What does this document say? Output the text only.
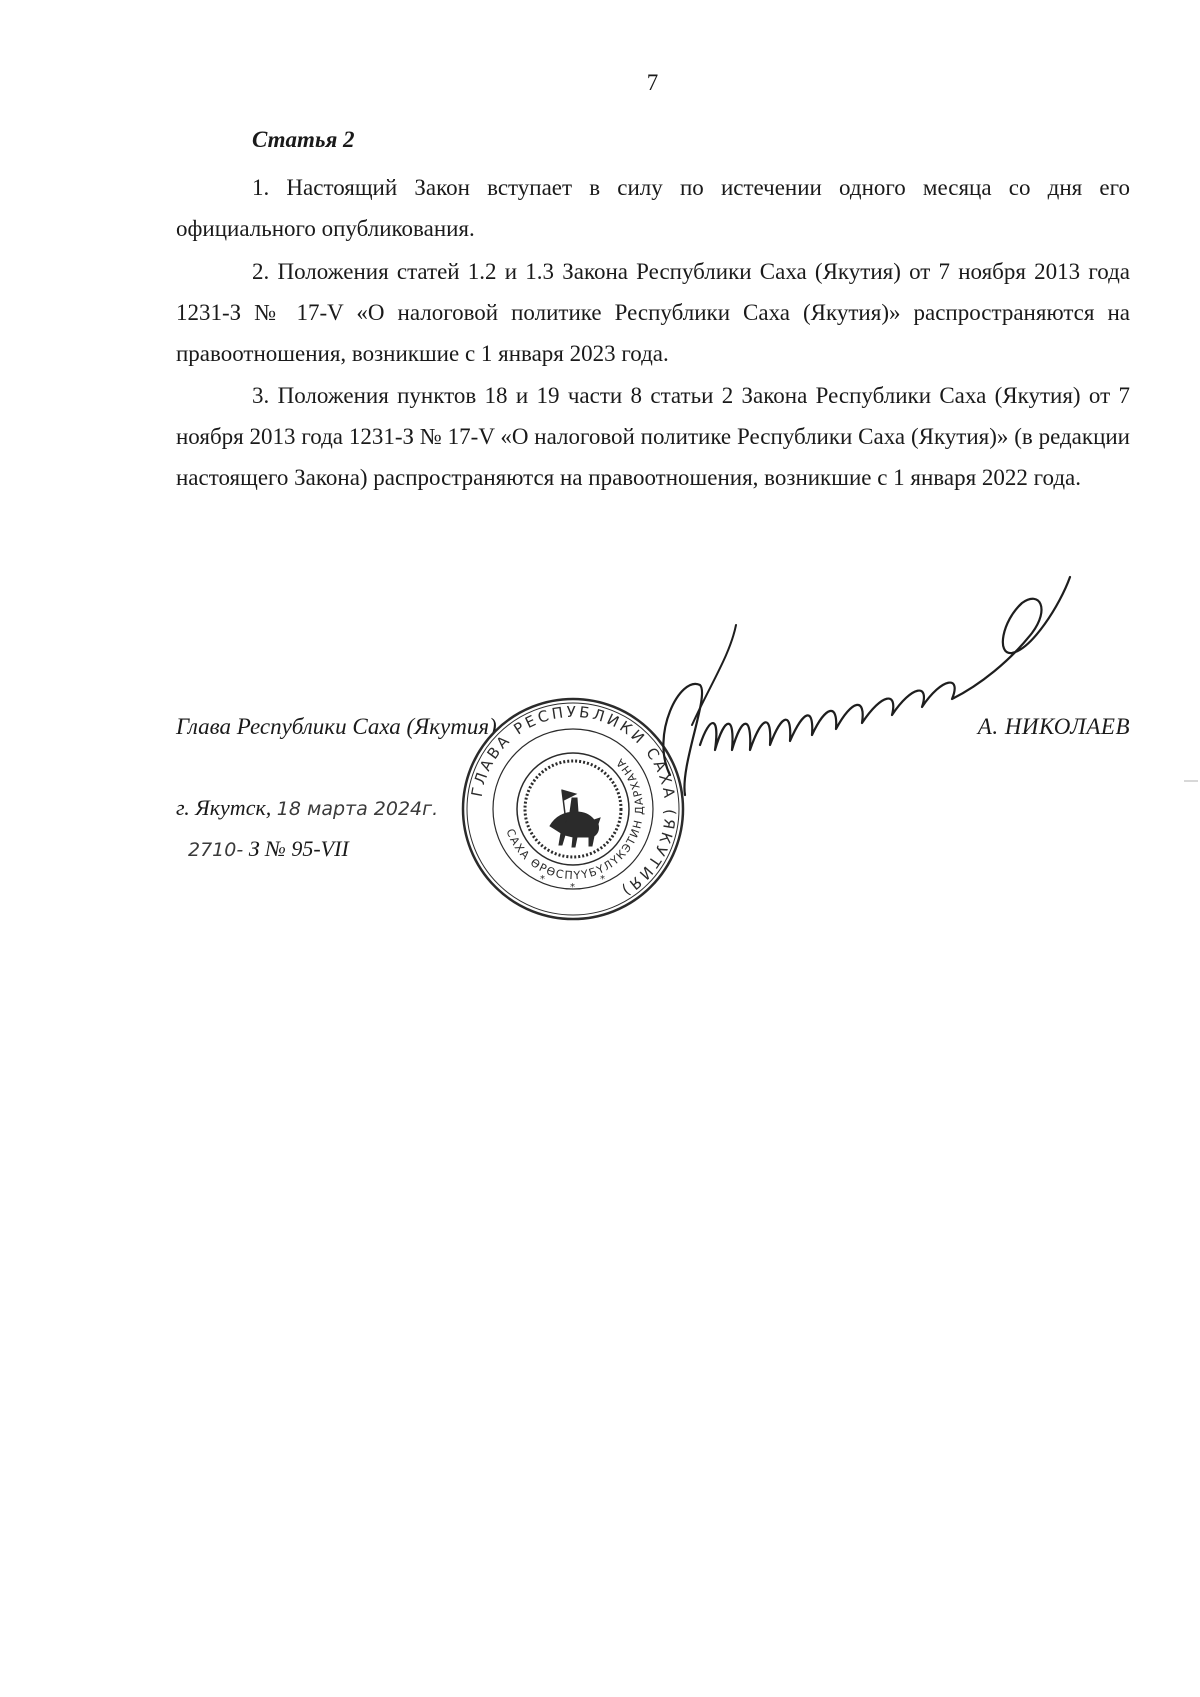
7
Статья 2

1. Настоящий Закон вступает в силу по истечении одного месяца со дня его официального опубликования.

2. Положения статей 1.2 и 1.3 Закона Республики Саха (Якутия) от 7 ноября 2013 года 1231-З № 17-V «О налоговой политике Республики Саха (Якутия)» распространяются на правоотношения, возникшие с 1 января 2023 года.

3. Положения пунктов 18 и 19 части 8 статьи 2 Закона Республики Саха (Якутия) от 7 ноября 2013 года 1231-З № 17-V «О налоговой политике Республики Саха (Якутия)» (в редакции настоящего Закона) распространяются на правоотношения, возникшие с 1 января 2022 года.

Глава Республики Саха (Якутия)	А. НИКОЛАЕВ
г. Якутск, 18 марта 2024г.
2710- З № 95-VII
ГЛАВА РЕСПУБЛИКИ САХА (ЯКУТИЯ)
САХА ӨРӨСПYYБYЛYКЭТИН ДАРХАНА
*
*
*
